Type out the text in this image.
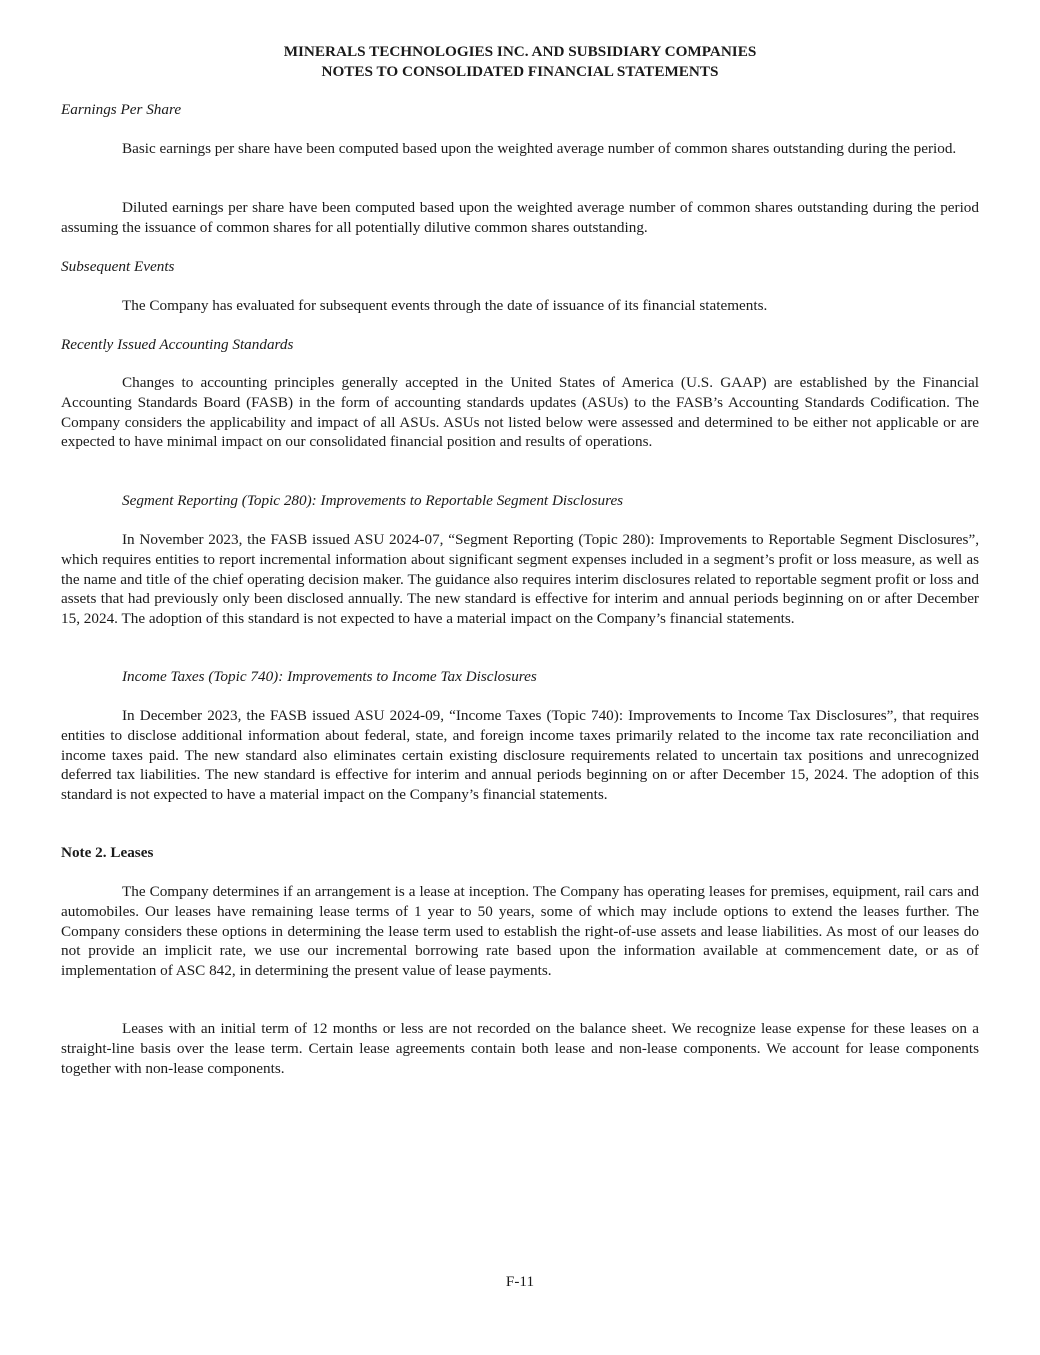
MINERALS TECHNOLOGIES INC. AND SUBSIDIARY COMPANIES
NOTES TO CONSOLIDATED FINANCIAL STATEMENTS
Earnings Per Share

Basic earnings per share have been computed based upon the weighted average number of common shares outstanding during the period.

Diluted earnings per share have been computed based upon the weighted average number of common shares outstanding during the period assuming the issuance of common shares for all potentially dilutive common shares outstanding.

Subsequent Events

The Company has evaluated for subsequent events through the date of issuance of its financial statements.

Recently Issued Accounting Standards

Changes to accounting principles generally accepted in the United States of America (U.S. GAAP) are established by the Financial Accounting Standards Board (FASB) in the form of accounting standards updates (ASUs) to the FASB’s Accounting Standards Codification. The Company considers the applicability and impact of all ASUs. ASUs not listed below were assessed and determined to be either not applicable or are expected to have minimal impact on our consolidated financial position and results of operations.

Segment Reporting (Topic 280): Improvements to Reportable Segment Disclosures

In November 2023, the FASB issued ASU 2024-07, “Segment Reporting (Topic 280): Improvements to Reportable Segment Disclosures”, which requires entities to report incremental information about significant segment expenses included in a segment’s profit or loss measure, as well as the name and title of the chief operating decision maker. The guidance also requires interim disclosures related to reportable segment profit or loss and assets that had previously only been disclosed annually. The new standard is effective for interim and annual periods beginning on or after December 15, 2024. The adoption of this standard is not expected to have a material impact on the Company’s financial statements.

Income Taxes (Topic 740): Improvements to Income Tax Disclosures

In December 2023, the FASB issued ASU 2024-09, “Income Taxes (Topic 740): Improvements to Income Tax Disclosures”, that requires entities to disclose additional information about federal, state, and foreign income taxes primarily related to the income tax rate reconciliation and income taxes paid. The new standard also eliminates certain existing disclosure requirements related to uncertain tax positions and unrecognized deferred tax liabilities. The new standard is effective for interim and annual periods beginning on or after December 15, 2024. The adoption of this standard is not expected to have a material impact on the Company’s financial statements.

Note 2. Leases

The Company determines if an arrangement is a lease at inception. The Company has operating leases for premises, equipment, rail cars and automobiles. Our leases have remaining lease terms of 1 year to 50 years, some of which may include options to extend the leases further. The Company considers these options in determining the lease term used to establish the right-of-use assets and lease liabilities. As most of our leases do not provide an implicit rate, we use our incremental borrowing rate based upon the information available at commencement date, or as of implementation of ASC 842, in determining the present value of lease payments.

Leases with an initial term of 12 months or less are not recorded on the balance sheet. We recognize lease expense for these leases on a straight-line basis over the lease term. Certain lease agreements contain both lease and non-lease components. We account for lease components together with non-lease components.

F-11
